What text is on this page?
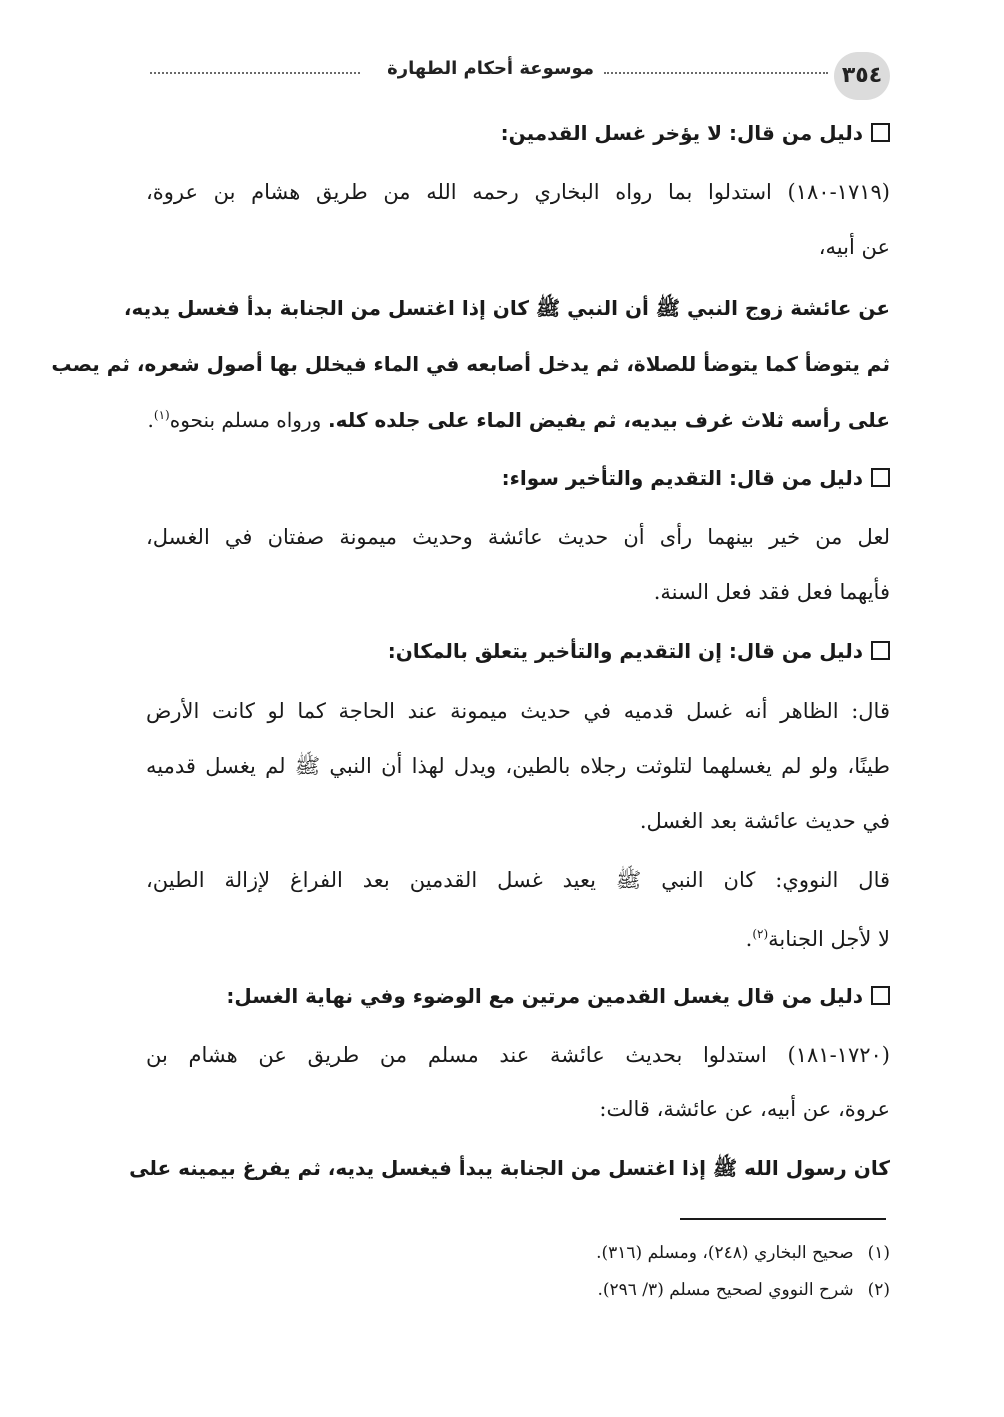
٣٥٤
موسوعة أحكام الطهارة
دليل من قال: لا يؤخر غسل القدمين:
(١٧١٩-١٨٠) استدلوا بما رواه البخاري رحمه الله من طريق هشام بن عروة،
عن أبيه،
عن عائشة زوج النبي ﷺ أن النبي ﷺ كان إذا اغتسل من الجنابة بدأ فغسل يديه،
ثم يتوضأ كما يتوضأ للصلاة، ثم يدخل أصابعه في الماء فيخلل بها أصول شعره، ثم يصب
على رأسه ثلاث غرف بيديه، ثم يفيض الماء على جلده كله. ورواه مسلم بنحوه$^{(١)}$.
دليل من قال: التقديم والتأخير سواء:
لعل من خير بينهما رأى أن حديث عائشة وحديث ميمونة صفتان في الغسل،
فأيهما فعل فقد فعل السنة.
دليل من قال: إن التقديم والتأخير يتعلق بالمكان:
قال: الظاهر أنه غسل قدميه في حديث ميمونة عند الحاجة كما لو كانت الأرض
طينًا، ولو لم يغسلهما لتلوثت رجلاه بالطين، ويدل لهذا أن النبي ﷺ لم يغسل قدميه
في حديث عائشة بعد الغسل.
قال النووي: كان النبي ﷺ يعيد غسل القدمين بعد الفراغ لإزالة الطين،
لا لأجل الجنابة$^{(٢)}$.
دليل من قال يغسل القدمين مرتين مع الوضوء وفي نهاية الغسل:
(١٧٢٠-١٨١) استدلوا بحديث عائشة عند مسلم من طريق عن هشام بن
عروة، عن أبيه، عن عائشة، قالت:
كان رسول الله ﷺ إذا اغتسل من الجنابة يبدأ فيغسل يديه، ثم يفرغ بيمينه على
(١)صحيح البخاري (٢٤٨)، ومسلم (٣١٦).
(٢)شرح النووي لصحيح مسلم (٣/ ٢٩٦).
